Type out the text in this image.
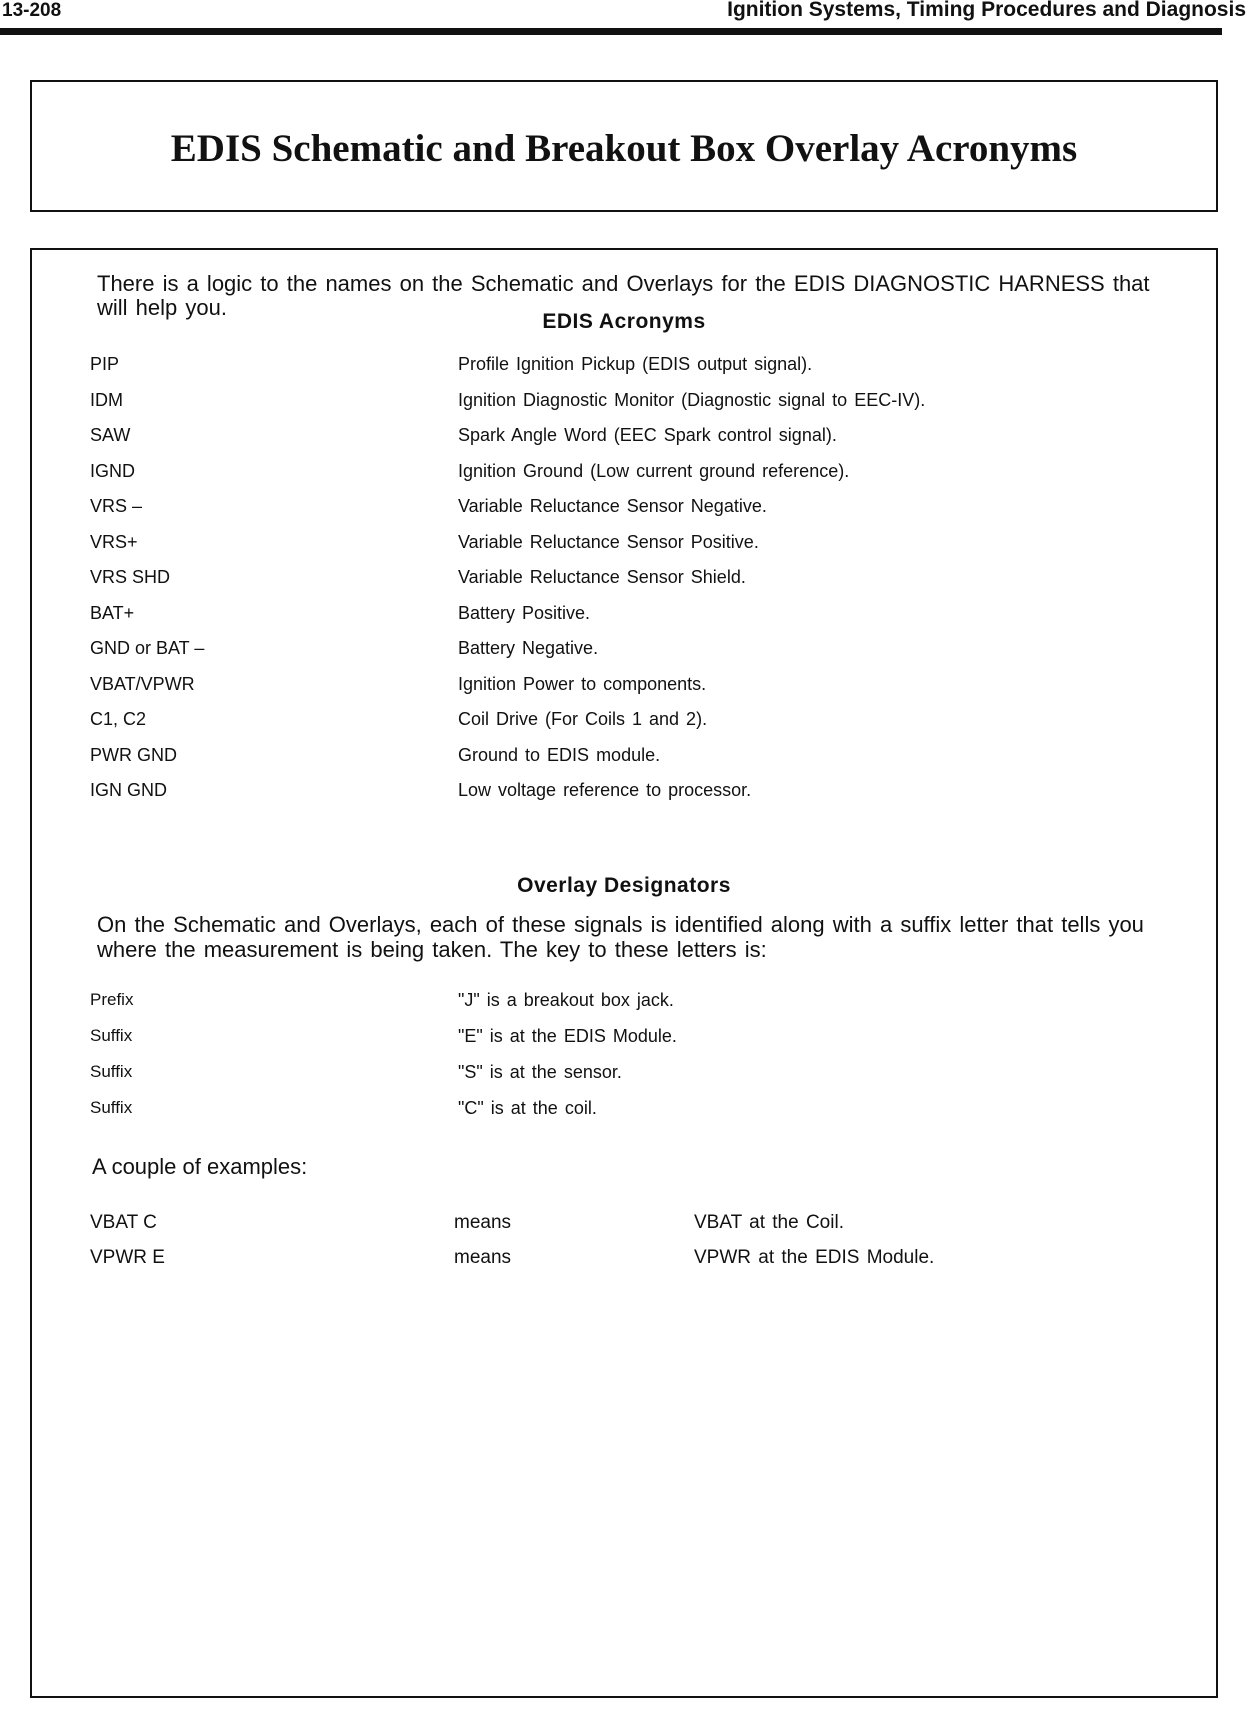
13-208	Ignition Systems, Timing Procedures and Diagnosis
EDIS Schematic and Breakout Box Overlay Acronyms
There is a logic to the names on the Schematic and Overlays for the EDIS DIAGNOSTIC HARNESS that will help you.
EDIS Acronyms
PIP	Profile Ignition Pickup (EDIS output signal).
IDM	Ignition Diagnostic Monitor (Diagnostic signal to EEC-IV).
SAW	Spark Angle Word (EEC Spark control signal).
IGND	Ignition Ground (Low current ground reference).
VRS –	Variable Reluctance Sensor Negative.
VRS+	Variable Reluctance Sensor Positive.
VRS SHD	Variable Reluctance Sensor Shield.
BAT+	Battery Positive.
GND or BAT –	Battery Negative.
VBAT/VPWR	Ignition Power to components.
C1, C2	Coil Drive (For Coils 1 and 2).
PWR GND	Ground to EDIS module.
IGN GND	Low voltage reference to processor.
Overlay Designators
On the Schematic and Overlays, each of these signals is identified along with a suffix letter that tells you where the measurement is being taken. The key to these letters is:
Prefix	"J" is a breakout box jack.
Suffix	"E" is at the EDIS Module.
Suffix	"S" is at the sensor.
Suffix	"C" is at the coil.
A couple of examples:
VBAT C	means	VBAT at the Coil.
VPWR E	means	VPWR at the EDIS Module.
